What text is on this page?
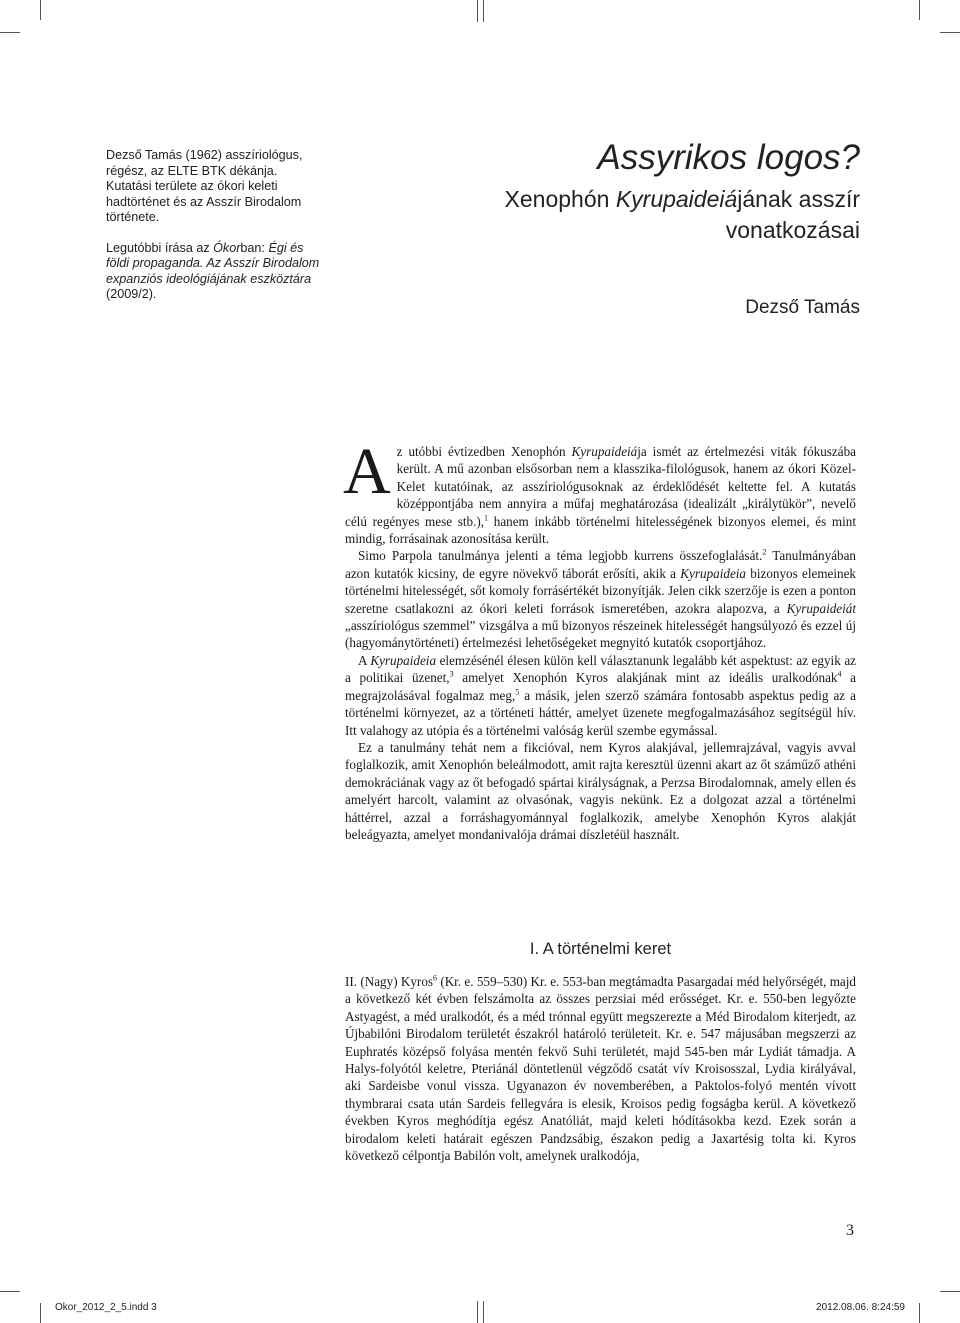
Dezső Tamás (1962) asszíriológus, régész, az ELTE BTK dékánja. Kutatási területe az ókori keleti hadtörténet és az Asszír Birodalom története.

Legutóbbi írása az Ókorban: Égi és földi propaganda. Az Asszír Birodalom expanziós ideológiájának eszköztára (2009/2).

Assyrikos logos?
Xenophón Kyrupaideiájának asszír vonatkozásai
Dezső Tamás

Az utóbbi évtizedben Xenophón Kyrupaideiája ismét az értelmezési viták fókuszába került. A mű azonban elsősorban nem a klasszika-filológusok, hanem az ókori Közel-Kelet kutatóinak, az asszíriológusoknak az érdeklődését keltette fel. A kutatás középpontjába nem annyira a műfaj meghatározása (idealizált „királytükör”, nevelő célú regényes mese stb.),$^1$ hanem inkább történelmi hitelességének bizonyos elemei, és mint mindig, forrásainak azonosítása került.

Simo Parpola tanulmánya jelenti a téma legjobb kurrens összefoglalását.$^2$ Tanulmányában azon kutatók kicsiny, de egyre növekvő táborát erősíti, akik a Kyrupaideia bizonyos elemeinek történelmi hitelességét, sőt komoly forrásértékét bizonyítják. Jelen cikk szerzője is ezen a ponton szeretne csatlakozni az ókori keleti források ismeretében, azokra alapozva, a Kyrupaideiát „asszíriológus szemmel” vizsgálva a mű bizonyos részeinek hitelességét hangsúlyozó és ezzel új (hagyománytörténeti) értelmezési lehetőségeket megnyitó kutatók csoportjához.

A Kyrupaideia elemzésénél élesen külön kell választanunk legalább két aspektust: az egyik az a politikai üzenet,$^3$ amelyet Xenophón Kyros alakjának mint az ideális uralkodónak$^4$ a megrajzolásával fogalmaz meg,$^5$ a másik, jelen szerző számára fontosabb aspektus pedig az a történelmi környezet, az a történeti háttér, amelyet üzenete megfogalmazásához segítségül hív. Itt valahogy az utópia és a történelmi valóság kerül szembe egymással.

Ez a tanulmány tehát nem a fikcióval, nem Kyros alakjával, jellemrajzával, vagyis avval foglalkozik, amit Xenophón beleálmodott, amit rajta keresztül üzenni akart az őt száműző athéni demokráciának vagy az őt befogadó spártai királyságnak, a Perzsa Birodalomnak, amely ellen és amelyért harcolt, valamint az olvasónak, vagyis nekünk. Ez a dolgozat azzal a történelmi háttérrel, azzal a forráshagyománnyal foglalkozik, amelybe Xenophón Kyros alakját beleágyazta, amelyet mondanivalója drámai díszletéül használt.

I. A történelmi keret

II. (Nagy) Kyros$^6$ (Kr. e. 559–530) Kr. e. 553-ban megtámadta Pasargadai méd helyőrségét, majd a következő két évben felszámolta az összes perzsiai méd erősséget. Kr. e. 550-ben legyőzte Astyagést, a méd uralkodót, és a méd trónnal együtt megszerezte a Méd Birodalom kiterjedt, az Újbabilóni Birodalom területét északról határoló területeit. Kr. e. 547 májusában megszerzi az Euphratés középső folyása mentén fekvő Suhi területét, majd 545-ben már Lydiát támadja. A Halys-folyótól keletre, Pteriánál döntetlenül végződő csatát vív Kroisosszal, Lydia királyával, aki Sardeisbe vonul vissza. Ugyanazon év novemberében, a Paktolos-folyó mentén vívott thymbrarai csata után Sardeis fellegvára is elesik, Kroisos pedig fogságba kerül. A következő években Kyros meghódítja egész Anatóliát, majd keleti hódításokba kezd. Ezek során a birodalom keleti határait egészen Pandzsábig, északon pedig a Jaxartésig tolta ki. Kyros következő célpontja Babilón volt, amelynek uralkodója,

3
Okor_2012_2_5.indd 3	2012.08.06. 8:24:59
